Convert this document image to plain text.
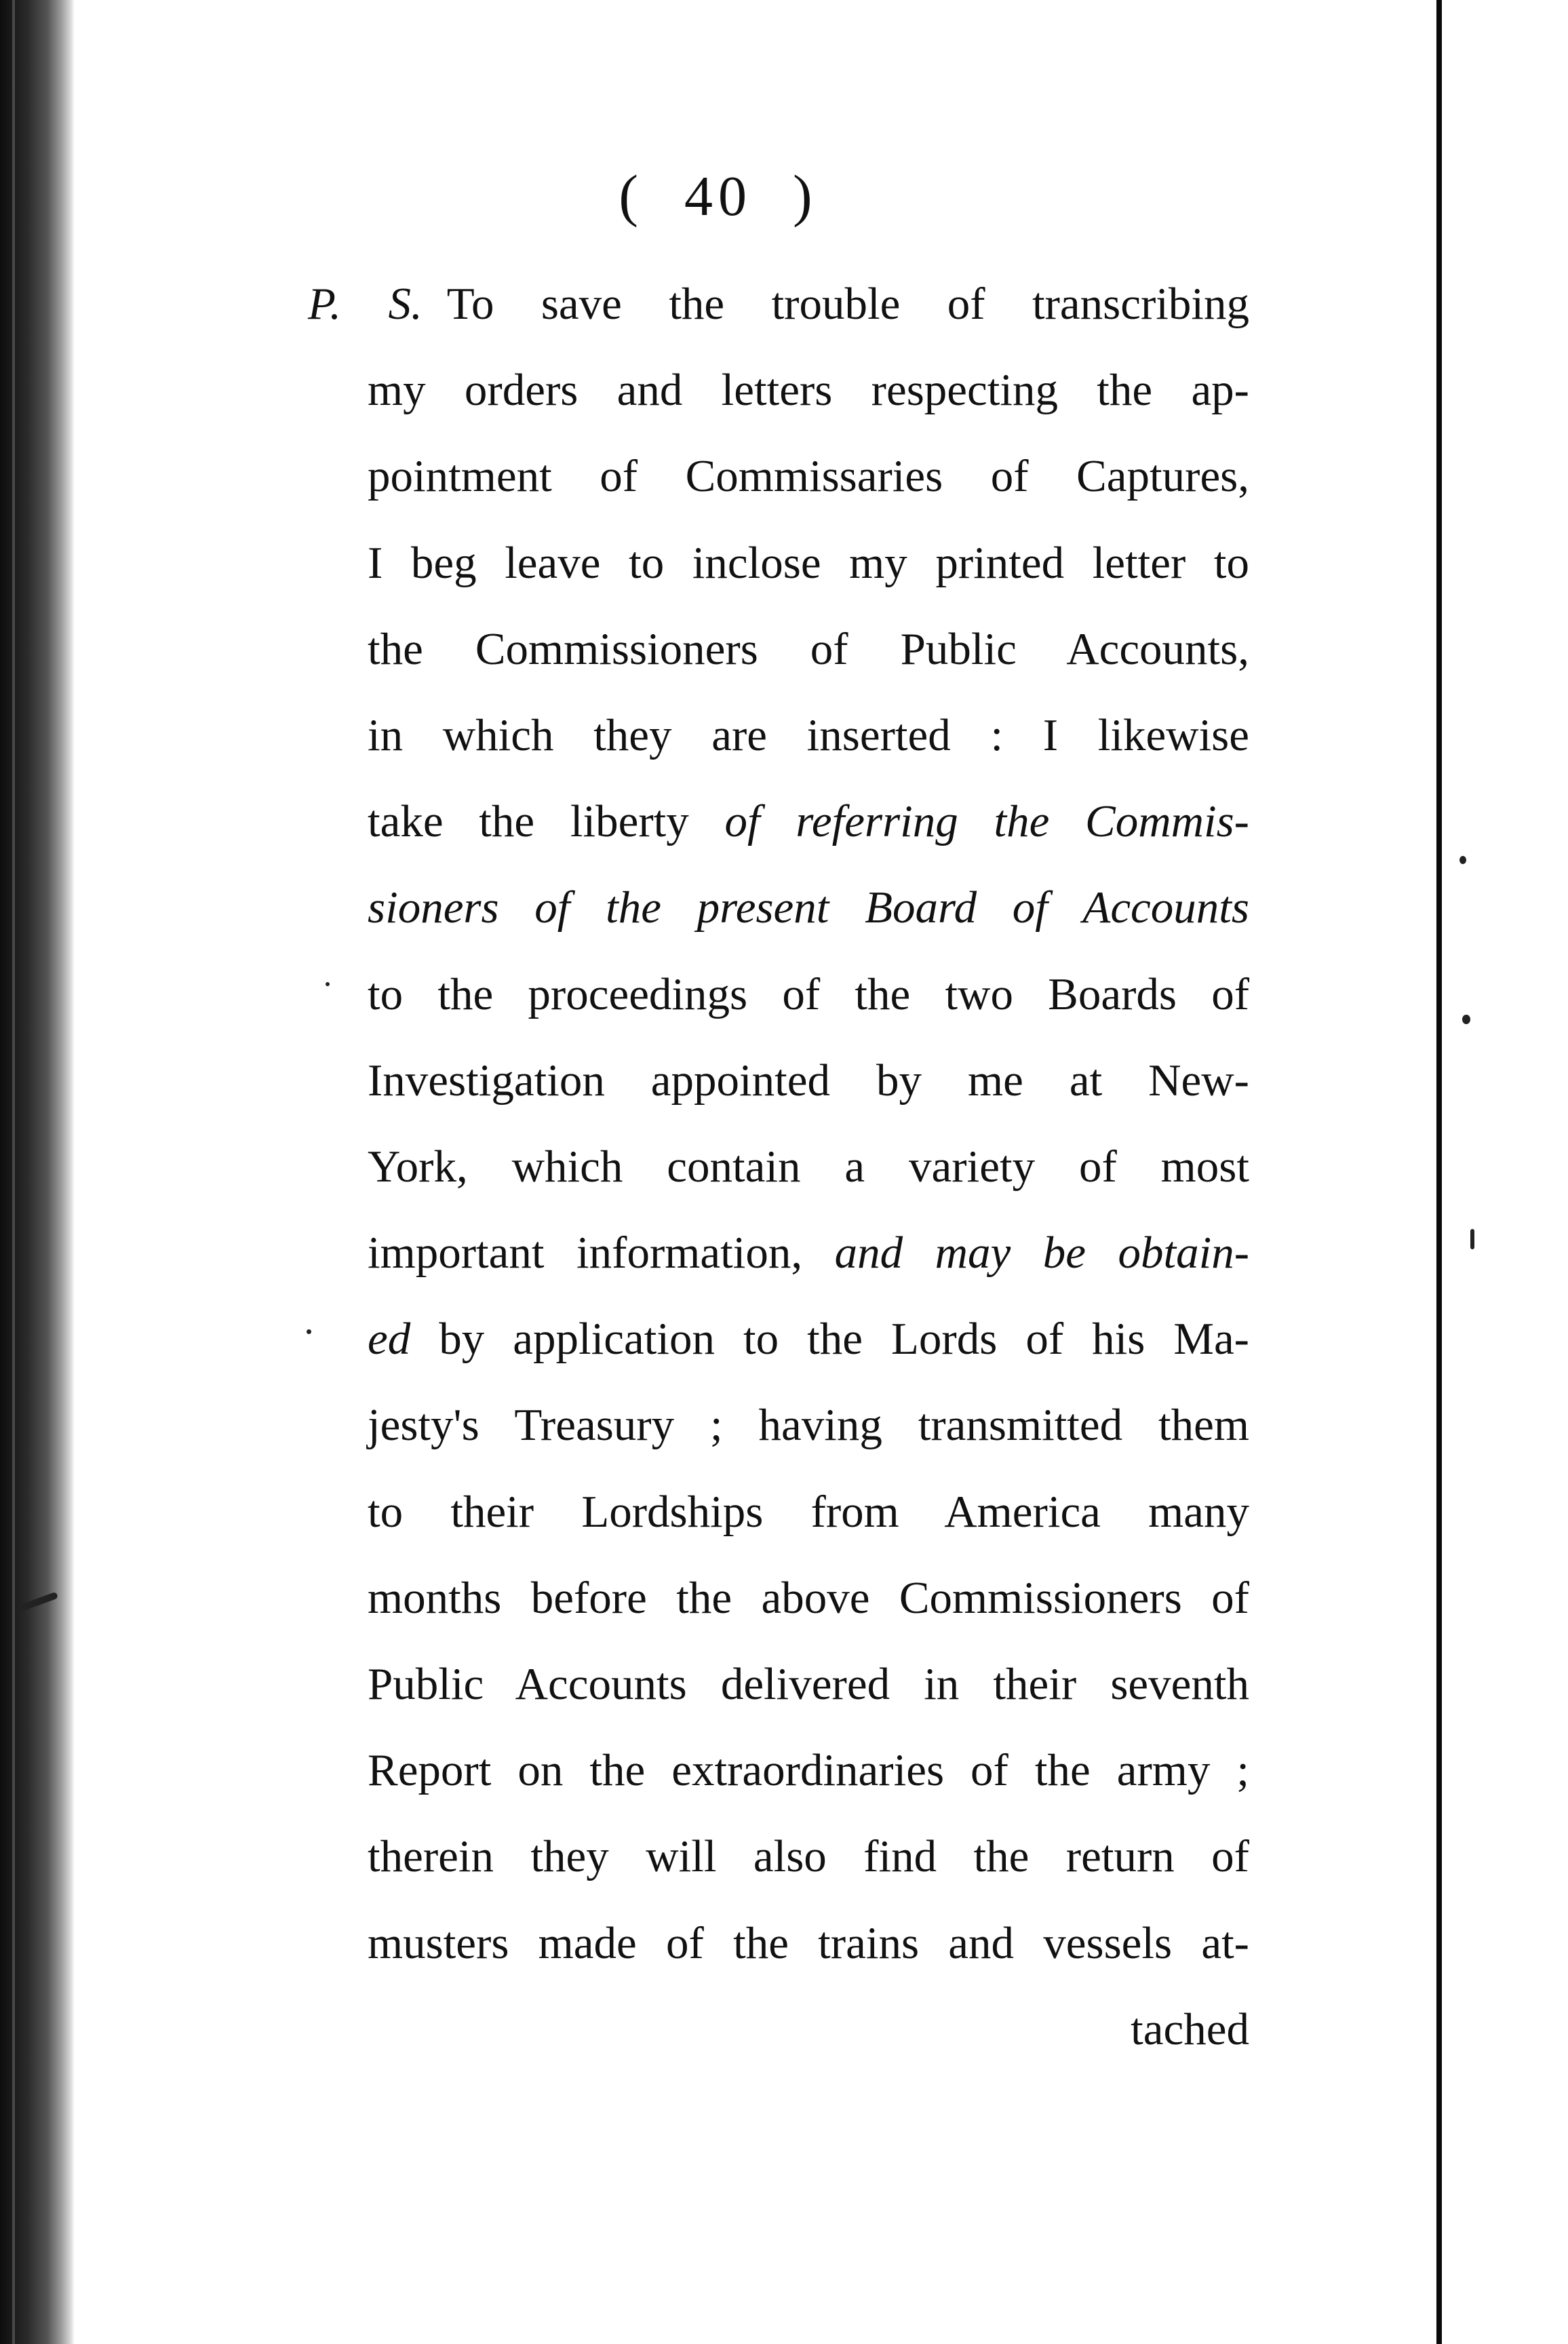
( 40 )
P. S. To save the trouble of transcribing
my orders and letters respecting the ap-
pointment of Commissaries of Captures,
I beg leave to inclose my printed letter to
the Commissioners of Public Accounts,
in which they are inserted : I likewise
take the liberty of referring the Commis-
sioners of the present Board of Accounts
to the proceedings of the two Boards of
Investigation appointed by me at New-
York, which contain a variety of most
important information, and may be obtain-
ed by application to the Lords of his Ma-
jesty's Treasury ; having transmitted them
to their Lordships from America many
months before the above Commissioners of
Public Accounts delivered in their seventh
Report on the extraordinaries of the army ;
therein they will also find the return of
musters made of the trains and vessels at-
tached
